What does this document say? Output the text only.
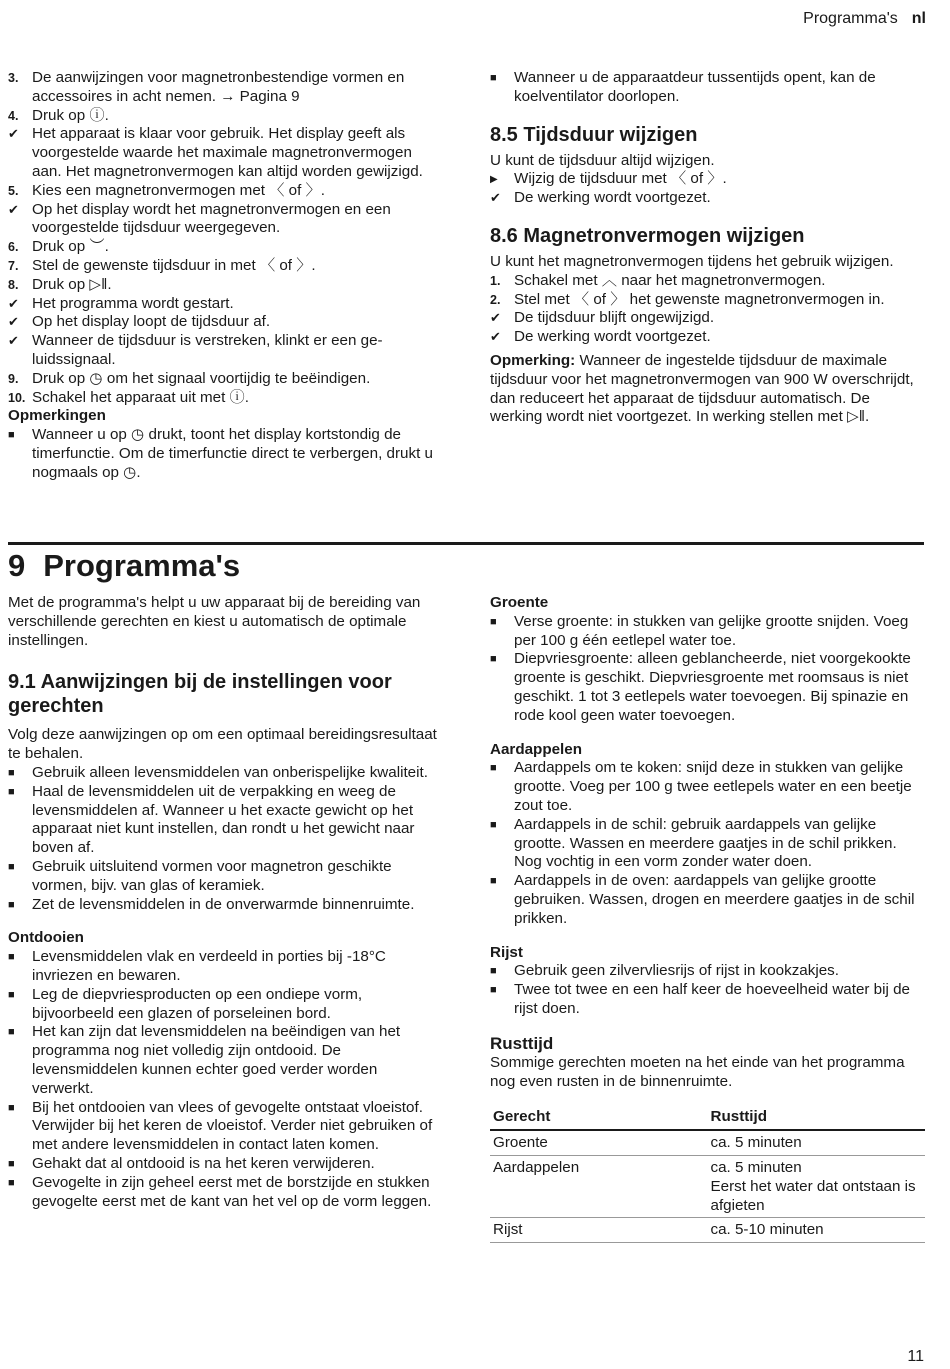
Programma's nl
3. De aanwijzingen voor magnetronbestendige vormen en accessoires in acht nemen. → Pagina 9
4. Druk op ⓘ.
✔ Het apparaat is klaar voor gebruik. Het display geeft als voorgestelde waarde het maximale magnetronvermogen aan. Het magnetronvermogen kan altijd worden gewijzigd.
5. Kies een magnetronvermogen met 〈 of 〉.
✔ Op het display wordt het magnetronvermogen en een voorgestelde tijdsduur weergegeven.
6. Druk op ︶.
7. Stel de gewenste tijdsduur in met 〈 of 〉.
8. Druk op ▷ǁ.
✔ Het programma wordt gestart.
✔ Op het display loopt de tijdsduur af.
✔ Wanneer de tijdsduur is verstreken, klinkt er een geluidssignaal.
9. Druk op ◷ om het signaal voortijdig te beëindigen.
10. Schakel het apparaat uit met ⓘ.

Opmerkingen

■	Wanneer u op ◷ drukt, toont het display kortstondig de timerfunctie. Om de timerfunctie direct te verbergen, drukt u nogmaals op ◷.
■	Wanneer u de apparaatdeur tussentijds opent, kan de koelventilator doorlopen.
8.5 Tijdsduur wijzigen

U kunt de tijdsduur altijd wijzigen.

▶	Wijzig de tijdsduur met 〈 of 〉.
✔ De werking wordt voortgezet.
8.6 Magnetronvermogen wijzigen

U kunt het magnetronvermogen tijdens het gebruik wijzigen.

1. Schakel met ︿ naar het magnetronvermogen.
2. Stel met 〈 of 〉 het gewenste magnetronvermogen in.
✔ De tijdsduur blijft ongewijzigd.
✔ De werking wordt voortgezet.

Opmerking: Wanneer de ingestelde tijdsduur de maximale tijdsduur voor het magnetronvermogen van 900 W overschrijdt, dan reduceert het apparaat de tijdsduur automatisch. De werking wordt niet voortgezet. In werking stellen met ▷ǁ.

9 Programma's

Met de programma's helpt u uw apparaat bij de bereiding van verschillende gerechten en kiest u automatisch de optimale instellingen.

9.1 Aanwijzingen bij de instellingen voor gerechten

Volg deze aanwijzingen op om een optimaal bereidingsresultaat te behalen.

■	Gebruik alleen levensmiddelen van onberispelijke kwaliteit.
■	Haal de levensmiddelen uit de verpakking en weeg de levensmiddelen af. Wanneer u het exacte gewicht op het apparaat niet kunt instellen, dan rondt u het gewicht naar boven af.
■	Gebruik uitsluitend vormen voor magnetron geschikte vormen, bijv. van glas of keramiek.
■	Zet de levensmiddelen in de onverwarmde binnenruimte.

Ontdooien

■	Levensmiddelen vlak en verdeeld in porties bij -18°C invriezen en bewaren.
■	Leg de diepvriesproducten op een ondiepe vorm, bijvoorbeeld een glazen of porseleinen bord.
■	Het kan zijn dat levensmiddelen na beëindigen van het programma nog niet volledig zijn ontdooid. De levensmiddelen kunnen echter goed verder worden verwerkt.
■	Bij het ontdooien van vlees of gevogelte ontstaat vloeistof. Verwijder bij het keren de vloeistof. Verder niet gebruiken of met andere levensmiddelen in contact laten komen.
■	Gehakt dat al ontdooid is na het keren verwijderen.
■	Gevogelte in zijn geheel eerst met de borstzijde en stukken gevogelte eerst met de kant van het vel op de vorm leggen.

Groente

■	Verse groente: in stukken van gelijke grootte snijden. Voeg per 100 g één eetlepel water toe.
■	Diepvriesgroente: alleen geblancheerde, niet voorgekookte groente is geschikt. Diepvriesgroente met roomsaus is niet geschikt. 1 tot 3 eetlepels water toevoegen. Bij spinazie en rode kool geen water toevoegen.

Aardappelen

■	Aardappels om te koken: snijd deze in stukken van gelijke grootte. Voeg per 100 g twee eetlepels water en een beetje zout toe.
■	Aardappels in de schil: gebruik aardappels van gelijke grootte. Wassen en meerdere gaatjes in de schil prikken. Nog vochtig in een vorm zonder water doen.
■	Aardappels in de oven: aardappels van gelijke grootte gebruiken. Wassen, drogen en meerdere gaatjes in de schil prikken.

Rijst

■	Gebruik geen zilvervliesrijs of rijst in kookzakjes.
■	Twee tot twee en een half keer de hoeveelheid water bij de rijst doen.

Rusttijd

Sommige gerechten moeten na het einde van het programma nog even rusten in de binnenruimte.

Gerecht	Rusttijd
Groente	ca. 5 minuten
Aardappelen	ca. 5 minuten
Eerst het water dat ontstaan is afgieten
Rijst	ca. 5-10 minuten
11
